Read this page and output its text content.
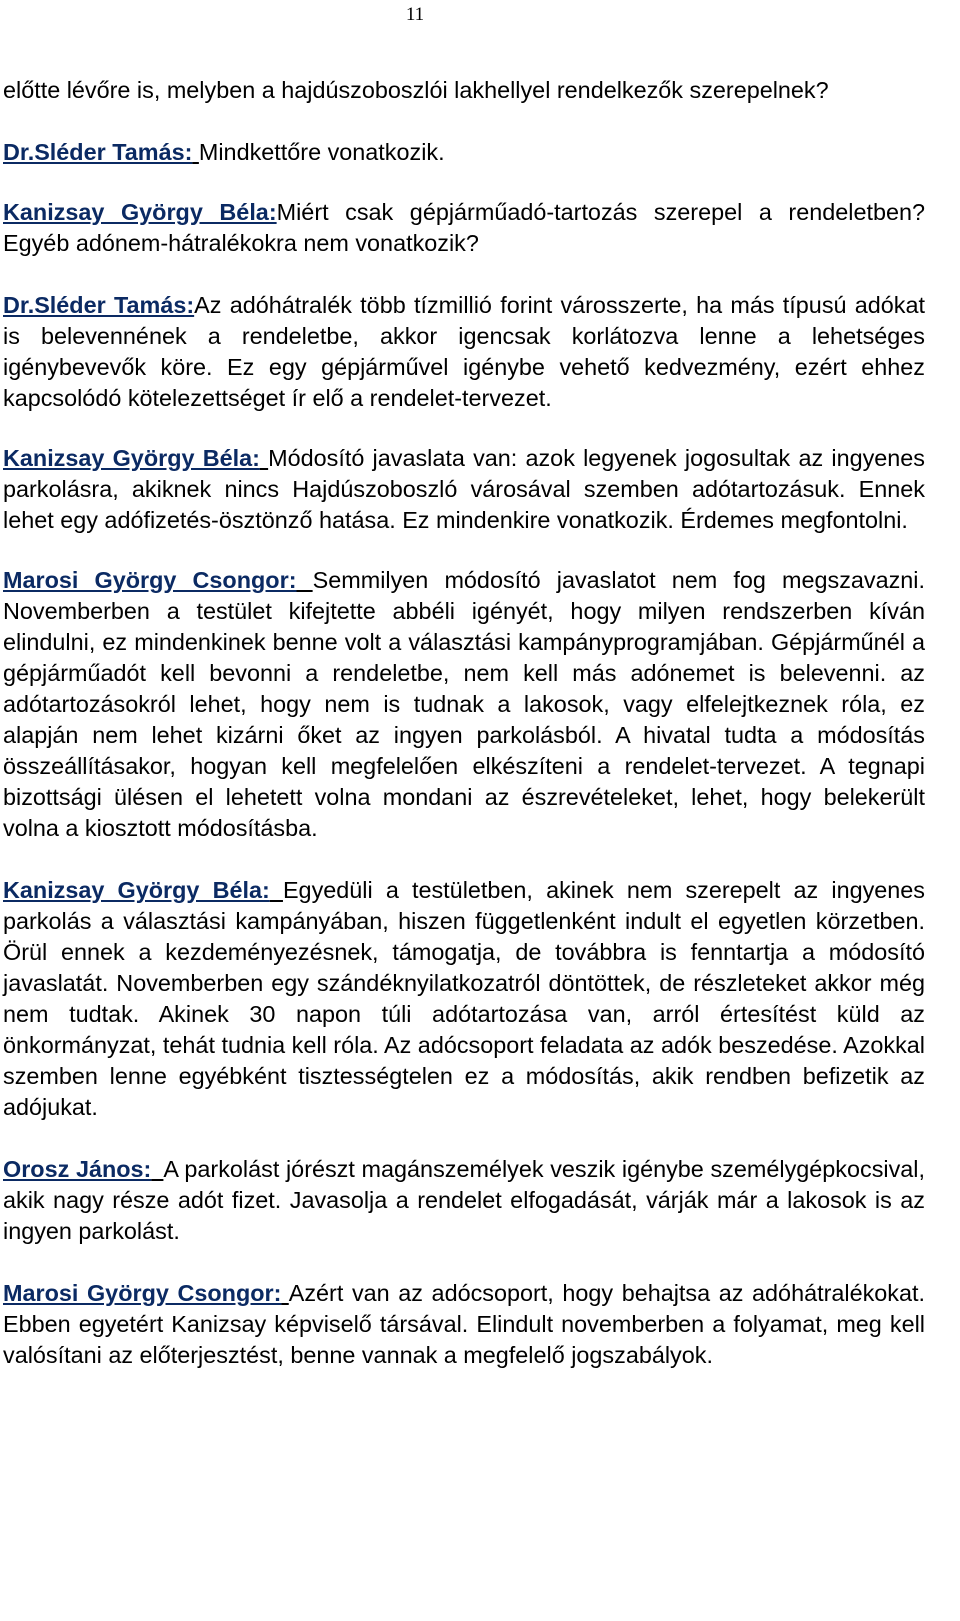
11

előtte lévőre is, melyben a hajdúszoboszlói lakhellyel rendelkezők szerepelnek?

Dr.Sléder Tamás: Mindkettőre vonatkozik.

Kanizsay György Béla:Miért csak gépjárműadó-tartozás szerepel a rendeletben? Egyéb adónem-hátralékokra nem vonatkozik?

Dr.Sléder Tamás:Az adóhátralék több tízmillió forint városszerte, ha más típusú adókat is belevennének a rendeletbe, akkor igencsak korlátozva lenne a lehetséges igénybevevők köre. Ez egy gépjárművel igénybe vehető kedvezmény, ezért ehhez kapcsolódó kötelezettséget ír elő a rendelet-tervezet.

Kanizsay György Béla: Módosító javaslata van: azok legyenek jogosultak az ingyenes parkolásra, akiknek nincs Hajdúszoboszló városával szemben adótartozásuk. Ennek lehet egy adófizetés-ösztönző hatása. Ez mindenkire vonatkozik. Érdemes megfontolni.

Marosi György Csongor: Semmilyen módosító javaslatot nem fog megszavazni. Novemberben a testület kifejtette abbéli igényét, hogy milyen rendszerben kíván elindulni, ez mindenkinek benne volt a választási kampányprogramjában. Gépjárműnél a gépjárműadót kell bevonni a rendeletbe, nem kell más adónemet is belevenni. az adótartozásokról lehet, hogy nem is tudnak a lakosok, vagy elfelejtkeznek róla, ez alapján nem lehet kizárni őket az ingyen parkolásból. A hivatal tudta a módosítás összeállításakor, hogyan kell megfelelően elkészíteni a rendelet-tervezet. A tegnapi bizottsági ülésen el lehetett volna mondani az észrevételeket, lehet, hogy belekerült volna a kiosztott módosításba.

Kanizsay György Béla: Egyedüli a testületben, akinek nem szerepelt az ingyenes parkolás a választási kampányában, hiszen függetlenként indult el egyetlen körzetben. Örül ennek a kezdeményezésnek, támogatja, de továbbra is fenntartja a módosító javaslatát. Novemberben egy szándéknyilatkozatról döntöttek, de részleteket akkor még nem tudtak. Akinek 30 napon túli adótartozása van, arról értesítést küld az önkormányzat, tehát tudnia kell róla. Az adócsoport feladata az adók beszedése. Azokkal szemben lenne egyébként tisztességtelen ez a módosítás, akik rendben befizetik az adójukat.

Orosz János: A parkolást jórészt magánszemélyek veszik igénybe személygépkocsival, akik nagy része adót fizet. Javasolja a rendelet elfogadását, várják már a lakosok is az ingyen parkolást.

Marosi György Csongor: Azért van az adócsoport, hogy behajtsa az adóhátralékokat. Ebben egyetért Kanizsay képviselő társával. Elindult novemberben a folyamat, meg kell valósítani az előterjesztést, benne vannak a megfelelő jogszabályok.
